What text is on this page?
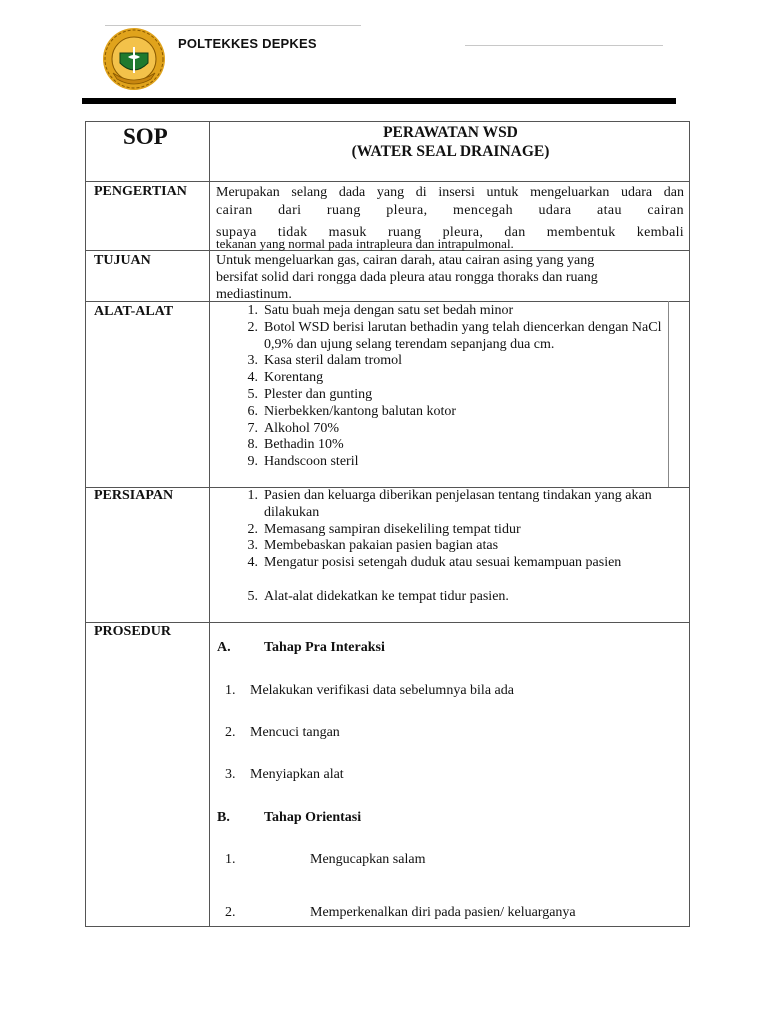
POLTEKKES DEPKES
SOP	PERAWATAN WSD
(WATER SEAL DRAINAGE)
PENGERTIAN Merupakan selang dada yang di insersi untuk mengeluarkan udara dan
cairan dari ruang pleura, mencegah udara atau cairan
supaya tidak masuk ruang pleura, dan membentuk kembali
tekanan yang normal pada intrapleura dan intrapulmonal.
TUJUAN	Untuk mengeluarkan gas, cairan darah, atau cairan asing yang yang
bersifat solid dari rongga dada pleura atau rongga thoraks dan ruang
mediastinum.
ALAT-ALAT	1. Satu buah meja dengan satu set bedah minor
2. Botol WSD berisi larutan bethadin yang telah diencerkan dengan NaCl 0,9% dan ujung selang terendam sepanjang dua cm.
3. Kasa steril dalam tromol
4. Korentang
5. Plester dan gunting
6. Nierbekken/kantong balutan kotor
7. Alkohol 70%
8. Bethadin 10%
9. Handscoon steril
PERSIAPAN	1. Pasien dan keluarga diberikan penjelasan tentang tindakan yang akan dilakukan
2. Memasang sampiran disekeliling tempat tidur
3. Membebaskan pakaian pasien bagian atas
4. Mengatur posisi setengah duduk atau sesuai kemampuan pasien
5. Alat-alat didekatkan ke tempat tidur pasien.
PROSEDUR
A. Tahap Pra Interaksi
1. Melakukan verifikasi data sebelumnya bila ada
2. Mencuci tangan
3. Menyiapkan alat
B. Tahap Orientasi
1.	Mengucapkan salam
2.	Memperkenalkan diri pada pasien/ keluarganya
